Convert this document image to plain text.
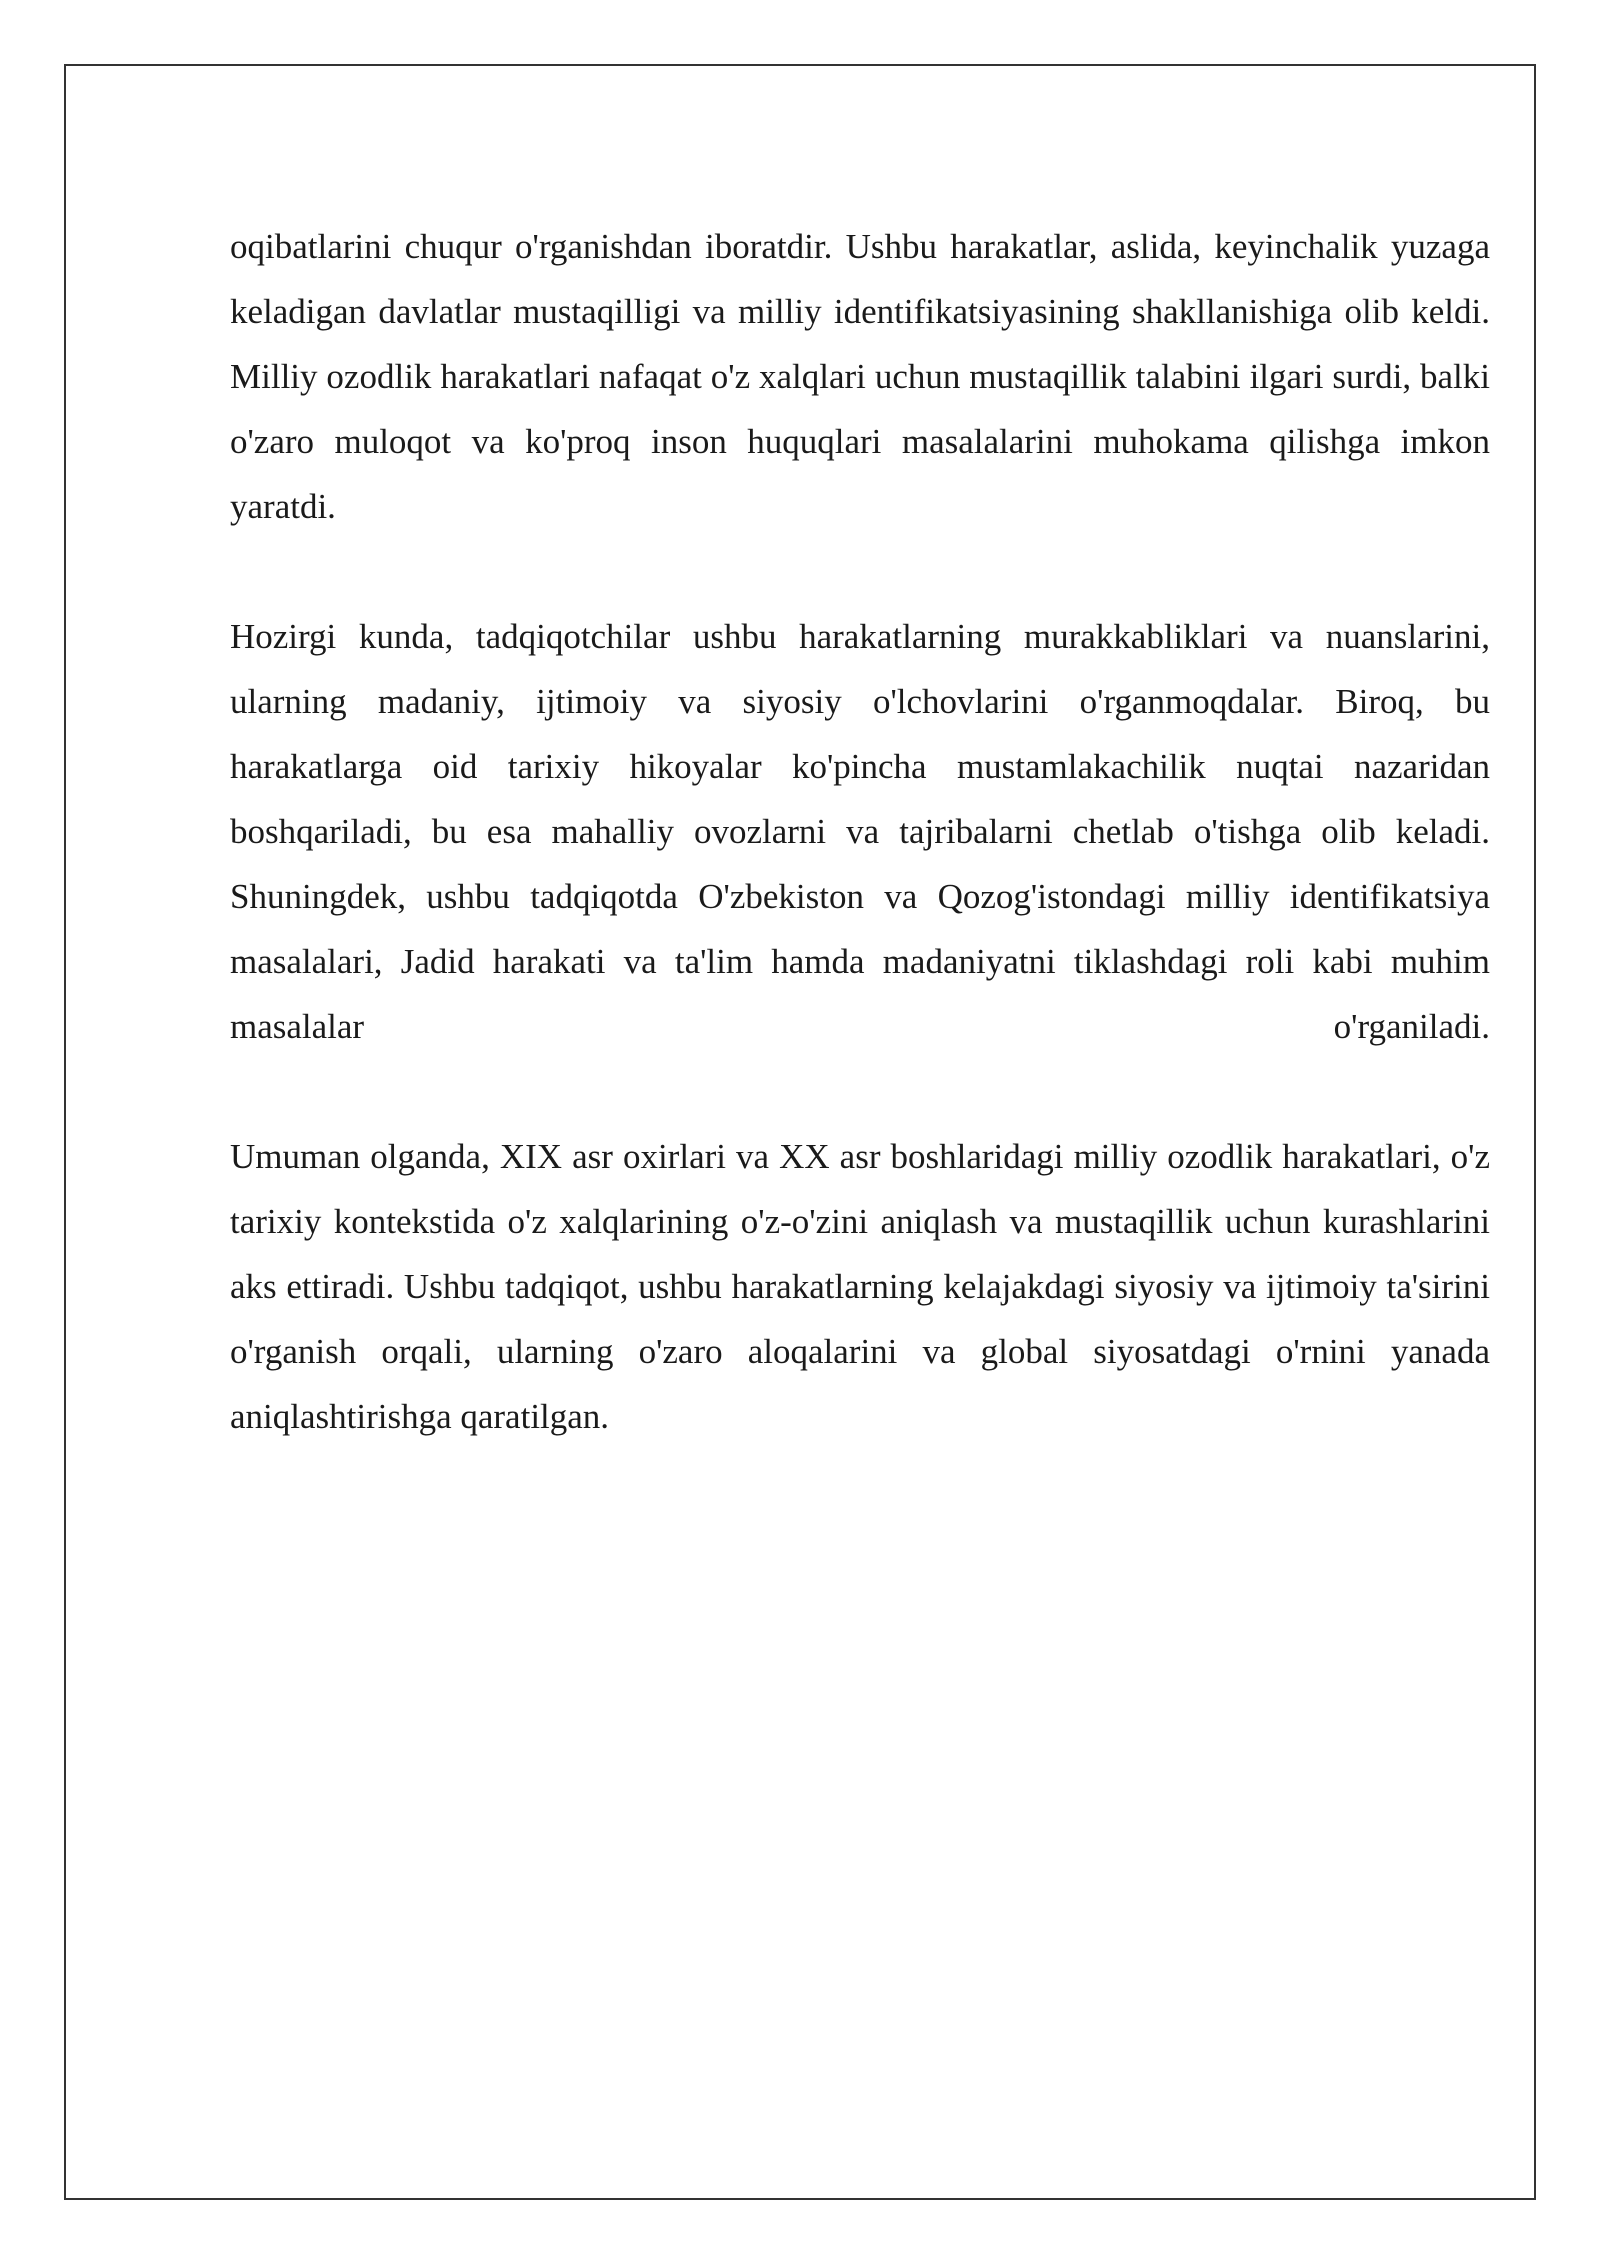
oqibatlarini chuqur o'rganishdan iboratdir. Ushbu harakatlar, aslida, keyinchalik yuzaga keladigan davlatlar mustaqilligi va milliy identifikatsiyasining shakllanishiga olib keldi. Milliy ozodlik harakatlari nafaqat o'z xalqlari uchun mustaqillik talabini ilgari surdi, balki o'zaro muloqot va ko'proq inson huquqlari masalalarini muhokama qilishga imkon yaratdi.

Hozirgi kunda, tadqiqotchilar ushbu harakatlarning murakkabliklari va nuanslarini, ularning madaniy, ijtimoiy va siyosiy o'lchovlarini o'rganmoqdalar. Biroq, bu harakatlarga oid tarixiy hikoyalar ko'pincha mustamlakachilik nuqtai nazaridan boshqariladi, bu esa mahalliy ovozlarni va tajribalarni chetlab o'tishga olib keladi. Shuningdek, ushbu tadqiqotda O'zbekiston va Qozog'istondagi milliy identifikatsiya masalalari, Jadid harakati va ta'lim hamda madaniyatni tiklashdagi roli kabi muhim masalalar o'rganiladi.

Umuman olganda, XIX asr oxirlari va XX asr boshlaridagi milliy ozodlik harakatlari, o'z tarixiy kontekstida o'z xalqlarining o'z-o'zini aniqlash va mustaqillik uchun kurashlarini aks ettiradi. Ushbu tadqiqot, ushbu harakatlarning kelajakdagi siyosiy va ijtimoiy ta'sirini o'rganish orqali, ularning o'zaro aloqalarini va global siyosatdagi o'rnini yanada aniqlashtirishga qaratilgan.
